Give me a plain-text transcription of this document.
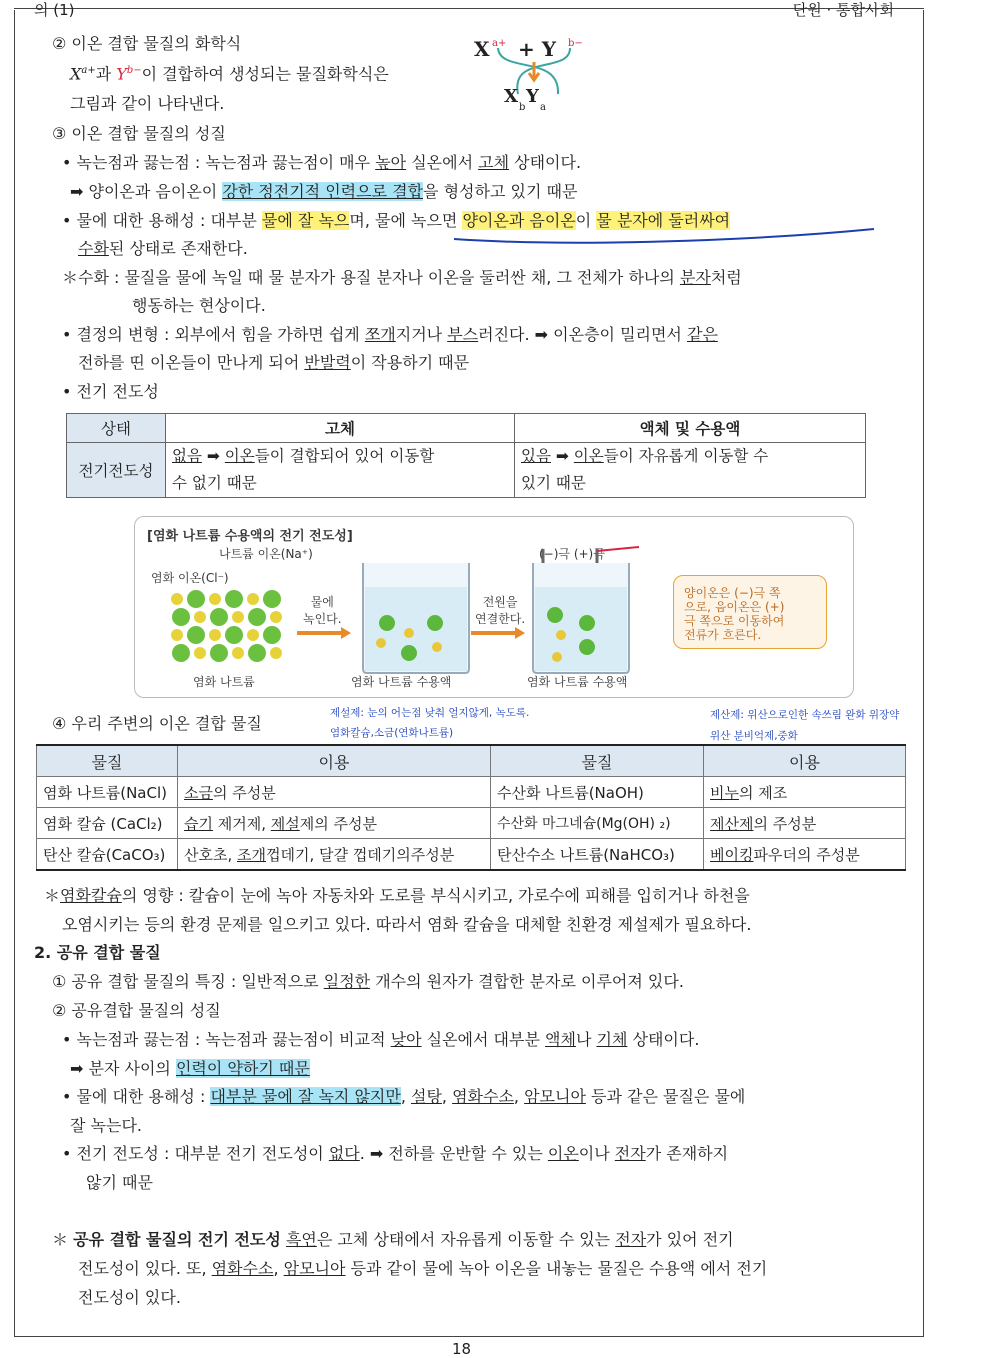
의 (1)	단원 · 통합사회
② 이온 결합 물질의 화학식
$X^{a+}$과 $Y^{b-}$이 결합하여 생성되는 물질화학식은
그림과 같이 나타낸다.
X a+ + Y b−
X
b
Y
a
③ 이온 결합 물질의 성질
• 녹는점과 끓는점 : 녹는점과 끓는점이 매우 높아 실온에서 고체 상태이다.
➡ 양이온과 음이온이 강한 정전기적 인력으로 결합을 형성하고 있기 때문
• 물에 대한 용해성 : 대부분 물에 잘 녹으며, 물에 녹으면 양이온과 음이온이 물 분자에 둘러싸여
수화된 상태로 존재한다.
＊수화 : 물질을 물에 녹일 때 물 분자가 용질 분자나 이온을 둘러싼 채, 그 전체가 하나의 분자처럼
행동하는 현상이다.
• 결정의 변형 : 외부에서 힘을 가하면 쉽게 쪼개지거나 부스러진다. ➡ 이온층이 밀리면서 같은
전하를 띤 이온들이 만나게 되어 반발력이 작용하기 때문
• 전기 전도성
상태	고체	액체 및 수용액
전기전도성	없음 ➡ 이온들이 결합되어 있어 이동할
수 없기 때문	있음 ➡ 이온들이 자유롭게 이동할 수
있기 때문
[염화 나트륨 수용액의 전기 전도성]
나트륨 이온(Na⁺)
염화 이온(Cl⁻)
물에
녹인다.
전원을
연결한다.
(−)극 (+)극
양이온은 (−)극 쪽
으로, 음이온은 (+)
극 쪽으로 이동하여
전류가 흐른다.
염화 나트륨	염화 나트륨 수용액	염화 나트륨 수용액
④ 우리 주변의 이온 결합 물질
제설제: 눈의 어는점 낮춰 얼지않게, 녹도록.
염화칼슘,소금(연화나트륨)
제산제: 위산으로인한 속쓰림 완화 위장약
위산 분비억제,중화
물질	이용	물질	이용
염화 나트륨(NaCl)	소금의 주성분	수산화 나트륨(NaOH)	비누의 제조
염화 칼슘 (CaCl₂)	습기 제거제, 제설제의 주성분	수산화 마그네슘(Mg(OH) ₂)	제산제의 주성분
탄산 칼슘(CaCO₃)	산호초, 조개껍데기, 달걀 껍데기의주성분	탄산수소 나트륨(NaHCO₃)	베이킹파우더의 주성분
＊염화칼슘의 영향 : 칼슘이 눈에 녹아 자동차와 도로를 부식시키고, 가로수에 피해를 입히거나 하천을
오염시키는 등의 환경 문제를 일으키고 있다. 따라서 염화 칼슘을 대체할 친환경 제설제가 필요하다.
2. 공유 결합 물질
① 공유 결합 물질의 특징 : 일반적으로 일정한 개수의 원자가 결합한 분자로 이루어져 있다.
② 공유결합 물질의 성질
• 녹는점과 끓는점 : 녹는점과 끓는점이 비교적 낮아 실온에서 대부분 액체나 기체 상태이다.
➡ 분자 사이의 인력이 약하기 때문
• 물에 대한 용해성 : 대부분 물에 잘 녹지 않지만, 설탕, 염화수소, 암모니아 등과 같은 물질은 물에
잘 녹는다.
• 전기 전도성 : 대부분 전기 전도성이 없다. ➡ 전하를 운반할 수 있는 이온이나 전자가 존재하지
않기 때문
＊ 공유 결합 물질의 전기 전도성 흑연은 고체 상태에서 자유롭게 이동할 수 있는 전자가 있어 전기
전도성이 있다. 또, 염화수소, 암모니아 등과 같이 물에 녹아 이온을 내놓는 물질은 수용액 에서 전기
전도성이 있다.
18
